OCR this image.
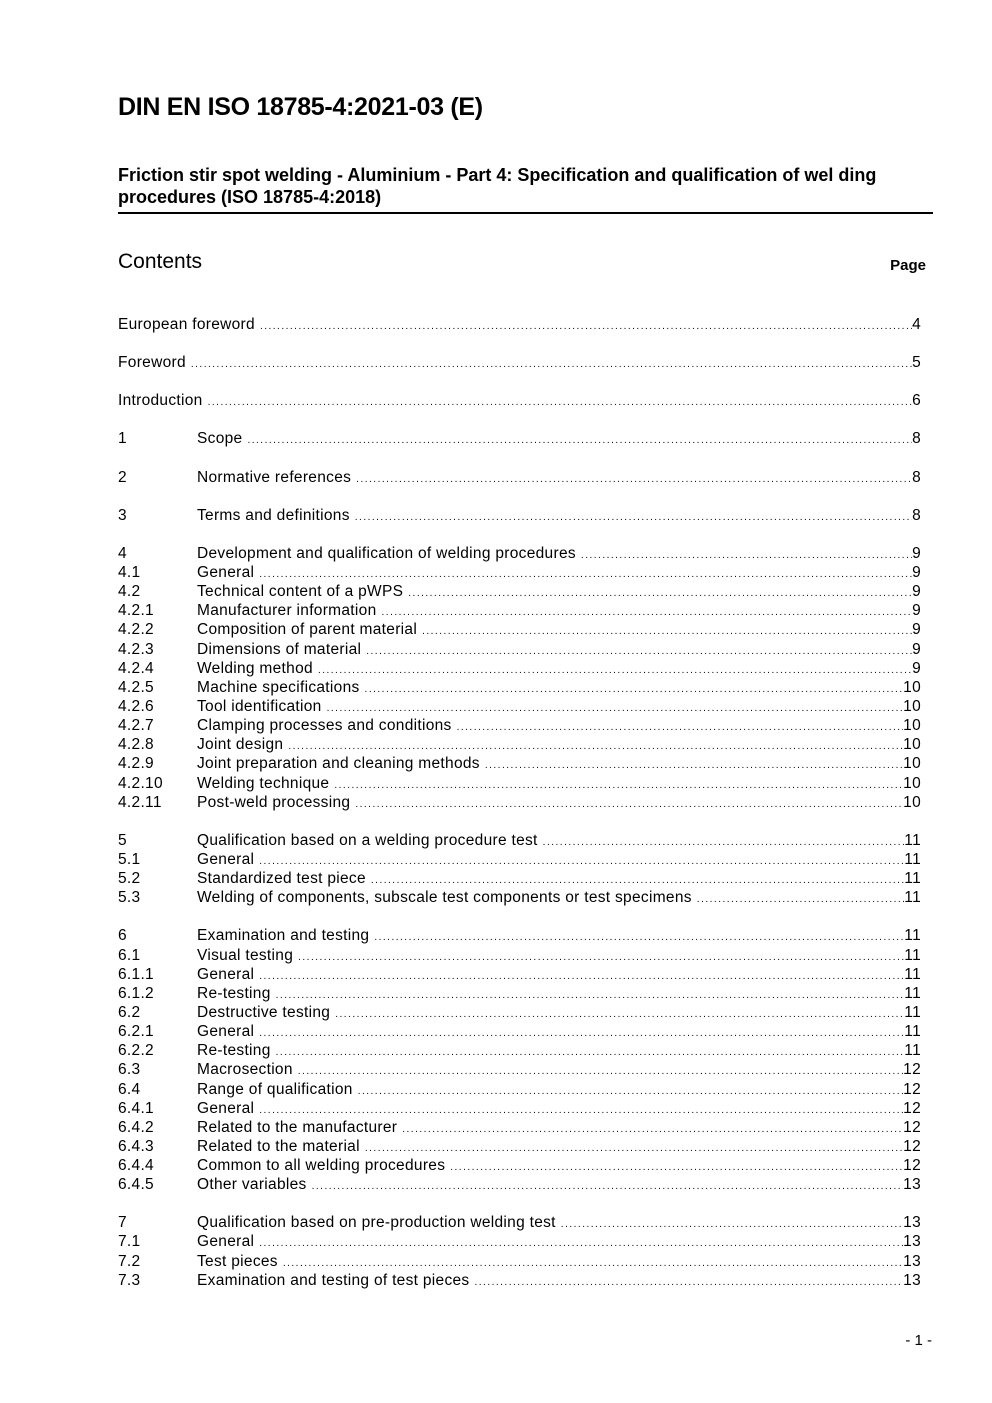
DIN EN ISO 18785-4:2021-03 (E)
Friction stir spot welding - Aluminium - Part 4: Specification and qualification of wel ding procedures (ISO 18785-4:2018)
Contents	Page
European foreword .....	4
Foreword .....	5
Introduction .....	6
1	Scope .....	8
2	Normative references .....	8
3	Terms and definitions .....	8
4	Development and qualification of welding procedures .....	9
4.1	General .....	9
4.2	Technical content of a pWPS .....	9
4.2.1	Manufacturer information .....	9
4.2.2	Composition of parent material .....	9
4.2.3	Dimensions of material .....	9
4.2.4	Welding method .....	9
4.2.5	Machine specifications .....	10
4.2.6	Tool identification .....	10
4.2.7	Clamping processes and conditions .....	10
4.2.8	Joint design .....	10
4.2.9	Joint preparation and cleaning methods .....	10
4.2.10	Welding technique .....	10
4.2.11	Post-weld processing .....	10
5	Qualification based on a welding procedure test .....	11
5.1	General .....	11
5.2	Standardized test piece .....	11
5.3	Welding of components, subscale test components or test specimens .....	11
6	Examination and testing .....	11
6.1	Visual testing .....	11
6.1.1	General .....	11
6.1.2	Re-testing .....	11
6.2	Destructive testing .....	11
6.2.1	General .....	11
6.2.2	Re-testing .....	11
6.3	Macrosection .....	12
6.4	Range of qualification .....	12
6.4.1	General .....	12
6.4.2	Related to the manufacturer .....	12
6.4.3	Related to the material .....	12
6.4.4	Common to all welding procedures .....	12
6.4.5	Other variables .....	13
7	Qualification based on pre-production welding test .....	13
7.1	General .....	13
7.2	Test pieces .....	13
7.3	Examination and testing of test pieces .....	13
- 1 -
